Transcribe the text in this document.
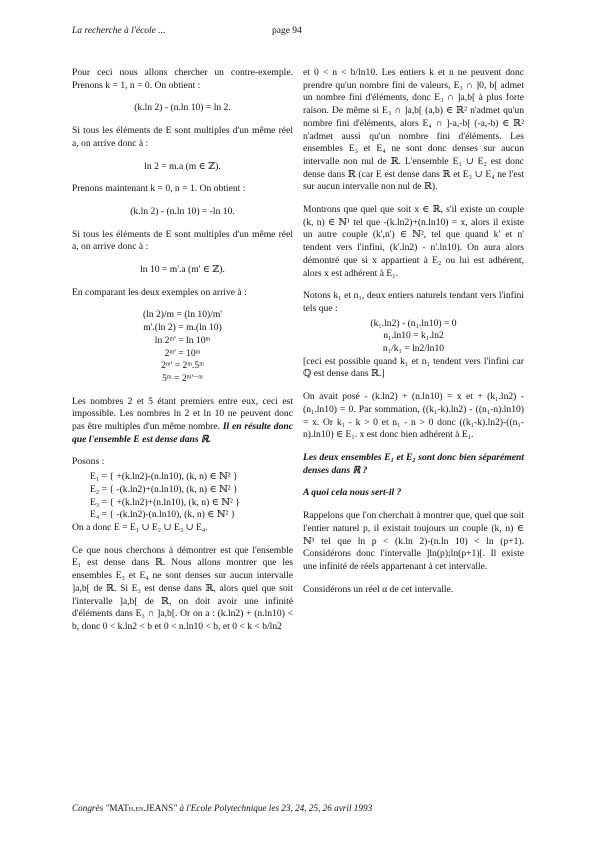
La recherche à l'école ...	page 94

Pour ceci nous allons chercher un contre-exemple. Prenons k = 1, n = 0. On obtient :

(k.ln 2) - (n.ln 10) = ln 2.

Si tous les éléments de E sont multiples d'un même réel a, on arrive donc à :

ln 2 = m.a (m ∈ ℤ).

Prenons maintenant k = 0, n = 1. On obtient :

(k.ln 2) - (n.ln 10) = -ln 10.

Si tous les éléments de E sont multiples d'un même réel a, on arrive donc à :

ln 10 = m'.a (m' ∈ ℤ).

En comparant les deux exemples on arrive à :

(ln 2)/m = (ln 10)/m'

m'.(ln 2) = m.(ln 10)

ln 2ᵐ' = ln 10ᵐ

2ᵐ' = 10ᵐ

2ᵐ' = 2ᵐ.5ᵐ

5ᵐ = 2ᵐ'⁻ᵐ

Les nombres 2 et 5 étant premiers entre eux, ceci est impossible. Les nombres ln 2 et ln 10 ne peuvent donc pas être multiples d'un même nombre. Il en résulte donc que l'ensemble E est dense dans ℝ.

Posons :

E₁ = { +(k.ln2)-(n.ln10), (k, n) ∈ ℕ² }

E₂ = { -(k.ln2)+(n.ln10), (k, n) ∈ ℕ² }

E₃ = { +(k.ln2)+(n.ln10), (k, n) ∈ ℕ² }

E₄ = { -(k.ln2)-(n.ln10), (k, n) ∈ ℕ² }

On a donc E = E₁ ∪ E₂ ∪ E₃ ∪ E₄.

Ce que nous cherchons à démontrer est que l'ensemble E₁ est dense dans ℝ. Nous allons montrer que les ensembles E₃ et E₄ ne sont denses sur aucun intervalle ]a,b[ de ℝ. Si E₃ est dense dans ℝ, alors quel que soit l'intervalle ]a,b[ de ℝ, on doit avoir une infinité d'éléments dans E₃ ∩ ]a,b[. Or on a : (k.ln2) + (n.ln10) < b, donc 0 < k.ln2 < b et 0 < n.ln10 < b, et 0 < k < b/ln2

et 0 < n < b/ln10. Les entiers k et n ne peuvent donc prendre qu'un nombre fini de valeurs, E₃ ∩ ]0, b[ admet un nombre fini d'éléments, donc E₃ ∩ ]a,b[ à plus forte raison. De même si E₃ ∩ ]a,b[ (a,b) ∈ ℝ² n'admet qu'un nombre fini d'éléments, alors E₄ ∩ ]-a,-b[ (-a,-b) ∈ ℝ² n'admet aussi qu'un nombre fini d'éléments. Les ensembles E₃ et E₄ ne sont donc denses sur aucun intervalle non nul de ℝ. L'ensemble E₁ ∪ E₂ est donc dense dans ℝ (car E est dense dans ℝ et E₃ ∪ E₄ ne l'est sur aucun intervalle non nul de ℝ).

Montrons que quel que soit x ∈ ℝ, s'il existe un couple (k, n) ∈ ℕ¹ tel que -(k.ln2)+(n.ln10) = x, alors il existe un autre couple (k',n') ∈ ℕ², tel que quand k' et n' tendent vers l'infini, (k'.ln2) - n'.ln10). On aura alors démontré que si x appartient à E₂ ou lui est adhérent, alors x est adhérent à E₁.

Notons k₁ et n₁, deux entiers naturels tendant vers l'infini tels que :

(k₁.ln2) - (n₁.ln10) = 0

n₁.ln10 = k₁.ln2

n₁/k₁ = ln2/ln10

[ceci est possible quand k₁ et n₁ tendent vers l'infini car ℚ est dense dans ℝ.]

On avait posé - (k.ln2) + (n.ln10) = x et + (k₁.ln2) - (n₁.ln10) = 0. Par sommation, ((k₁-k).ln2) - ((n₁-n).ln10) = x. Or k₁ - k > 0 et n₁ - n > 0 donc ((k₁-k).ln2)-((n₁-n).ln10) ∈ E₁. x est donc bien adhérent à E₁.

Les deux ensembles E₁ et E₂ sont donc bien séparément denses dans ℝ ?

A quoi cela nous sert-il ?

Rappelons que l'on cherchait à montrer que, quel que soit l'entier naturel p, il existait toujours un couple (k, n) ∈ ℕ¹ tel que ln p < (k.ln 2)-(n.ln 10) < ln (p+1). Considérons donc l'intervalle ]ln(p);ln(p+1)[. Il existe une infinité de réels appartenant à cet intervalle.

Considérons un réel α de cet intervalle.

Congrès "MATh.en.JEANS" à l'Ecole Polytechnique les 23, 24, 25, 26 avril 1993
